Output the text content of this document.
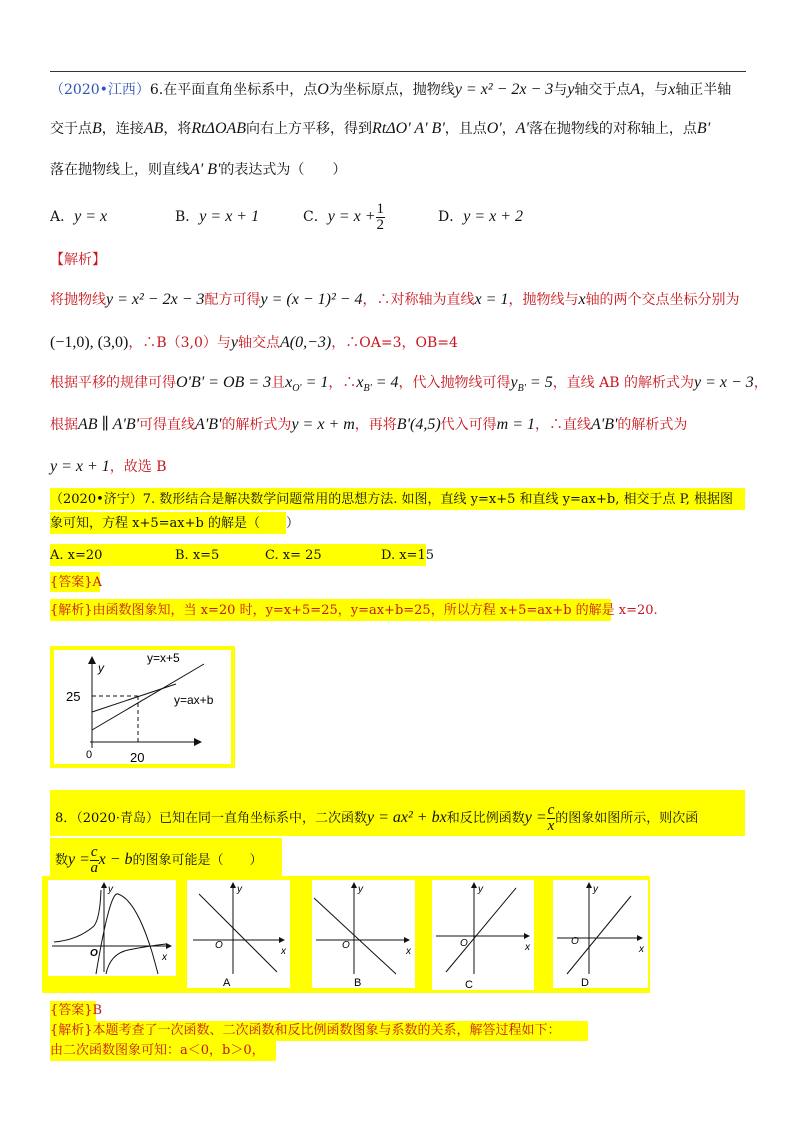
（2020•江西）6.在平面直角坐标系中，点O为坐标原点，抛物线y = x² − 2x − 3与y轴交于点A，与x轴正半轴
交于点B，连接AB，将RtΔOAB向右上方平移，得到RtΔO' A' B'，且点O'，A'落在抛物线的对称轴上，点B'
落在抛物线上，则直线A' B'的表达式为（　　）
A．y = x	B．y = x + 1	C．$y = x + \frac{1}{2}$	D．y = x + 2
【解析】
将抛物线y = x² − 2x − 3配方可得y = (x − 1)² − 4，∴对称轴为直线x = 1，抛物线与x轴的两个交点坐标分别为
(−1,0), (3,0)，∴B（3,0）与y轴交点A(0,−3)，∴OA=3，OB=4
根据平移的规律可得O'B' = OB = 3且$x_{O'} = 1$，$\therefore x_{B'} = 4$，代入抛物线可得$y_{B'} = 5$，直线 AB 的解析式为y = x − 3，
根据AB ∥ A'B'可得直线A'B'的解析式为y = x + m，再将B'(4,5)代入可得m = 1，∴直线A'B'的解析式为
y = x + 1，故选 B
（2020•济宁）7. 数形结合是解决数学问题常用的思想方法. 如图，直线 y=x+5 和直线 y=ax+b, 相交于点 P, 根据图
象可知，方程 x+5=ax+b 的解是（　　）
A. x=20	B. x=5	C. x= 25	D. x=15
{答案}A
{解析}由函数图象知，当 x=20 时，y=x+5=25，y=ax+b=25，所以方程 x+5=ax+b 的解是 x=20.
y
25
20
0
y=x+5
y=ax+b
8．（2020·青岛）已知在同一直角坐标系中，二次函数y = ax² + bx和反比例函数$y = \frac{c}{x}$ 的图象如图所示，则次函
数$y = \frac{c}{a}$ x − b的图象可能是（　　）
y
x
O
y
x
O
A
y
x
O
B
y
x
O
C
y
x
O
D
{答案}B
{解析}本题考查了一次函数、二次函数和反比例函数图象与系数的关系，解答过程如下：
由二次函数图象可知：a＜0，b＞0，
